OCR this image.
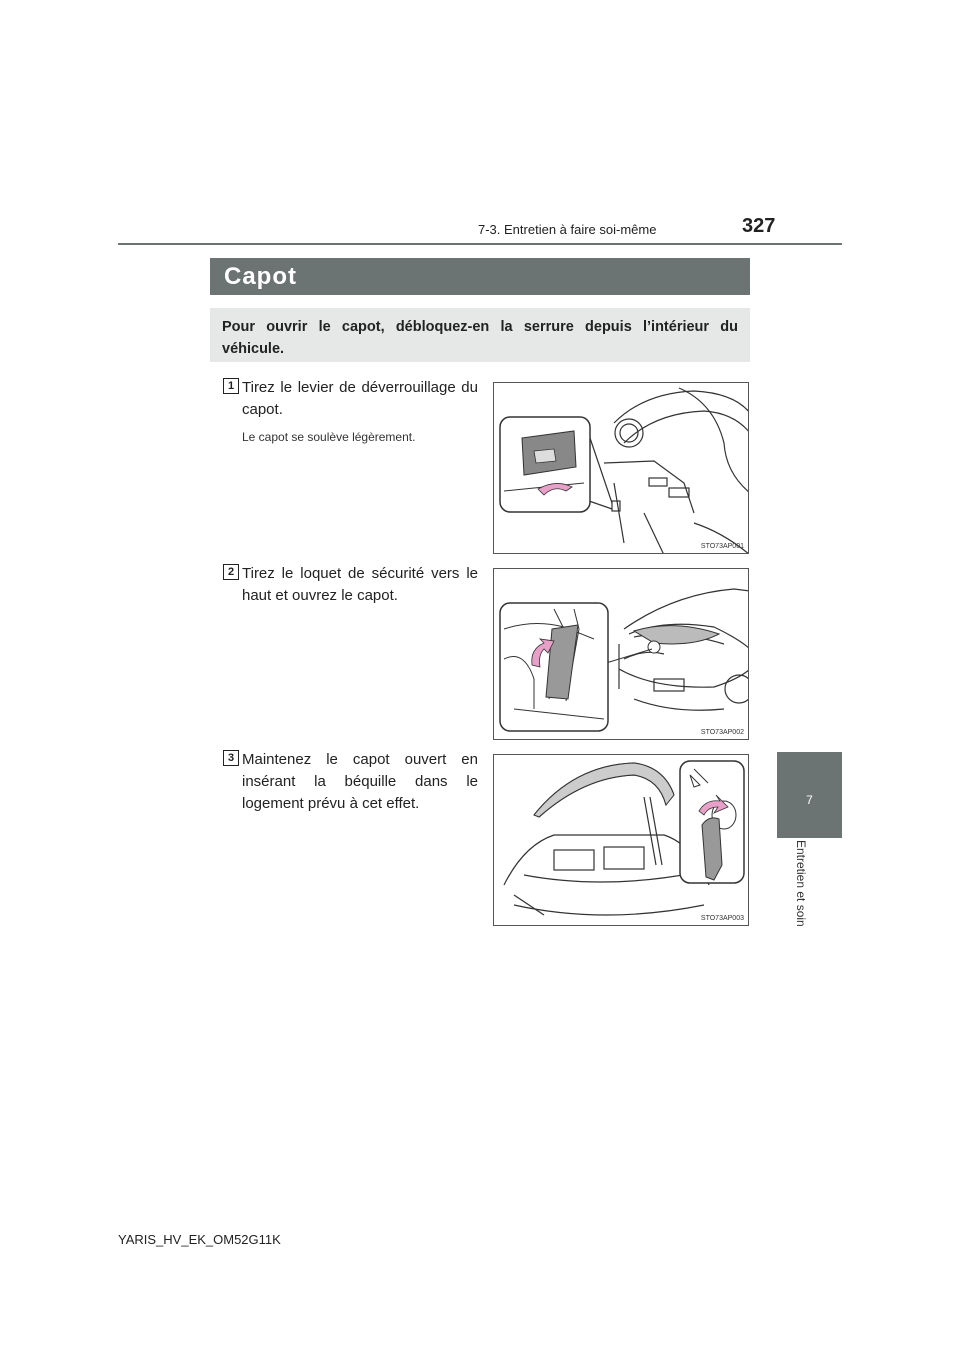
7-3. Entretien à faire soi-même	327
7
Entretien et soin
Capot
Pour ouvrir le capot, débloquez-en la serrure depuis l’intérieur du véhicule.
1 Tirez le levier de déverrouillage du capot.
Le capot se soulève légèrement.
STO73AP001
2 Tirez le loquet de sécurité vers le haut et ouvrez le capot.
STO73AP002
3 Maintenez le capot ouvert en insérant la béquille dans le logement prévu à cet effet.
STO73AP003
YARIS_HV_EK_OM52G11K
